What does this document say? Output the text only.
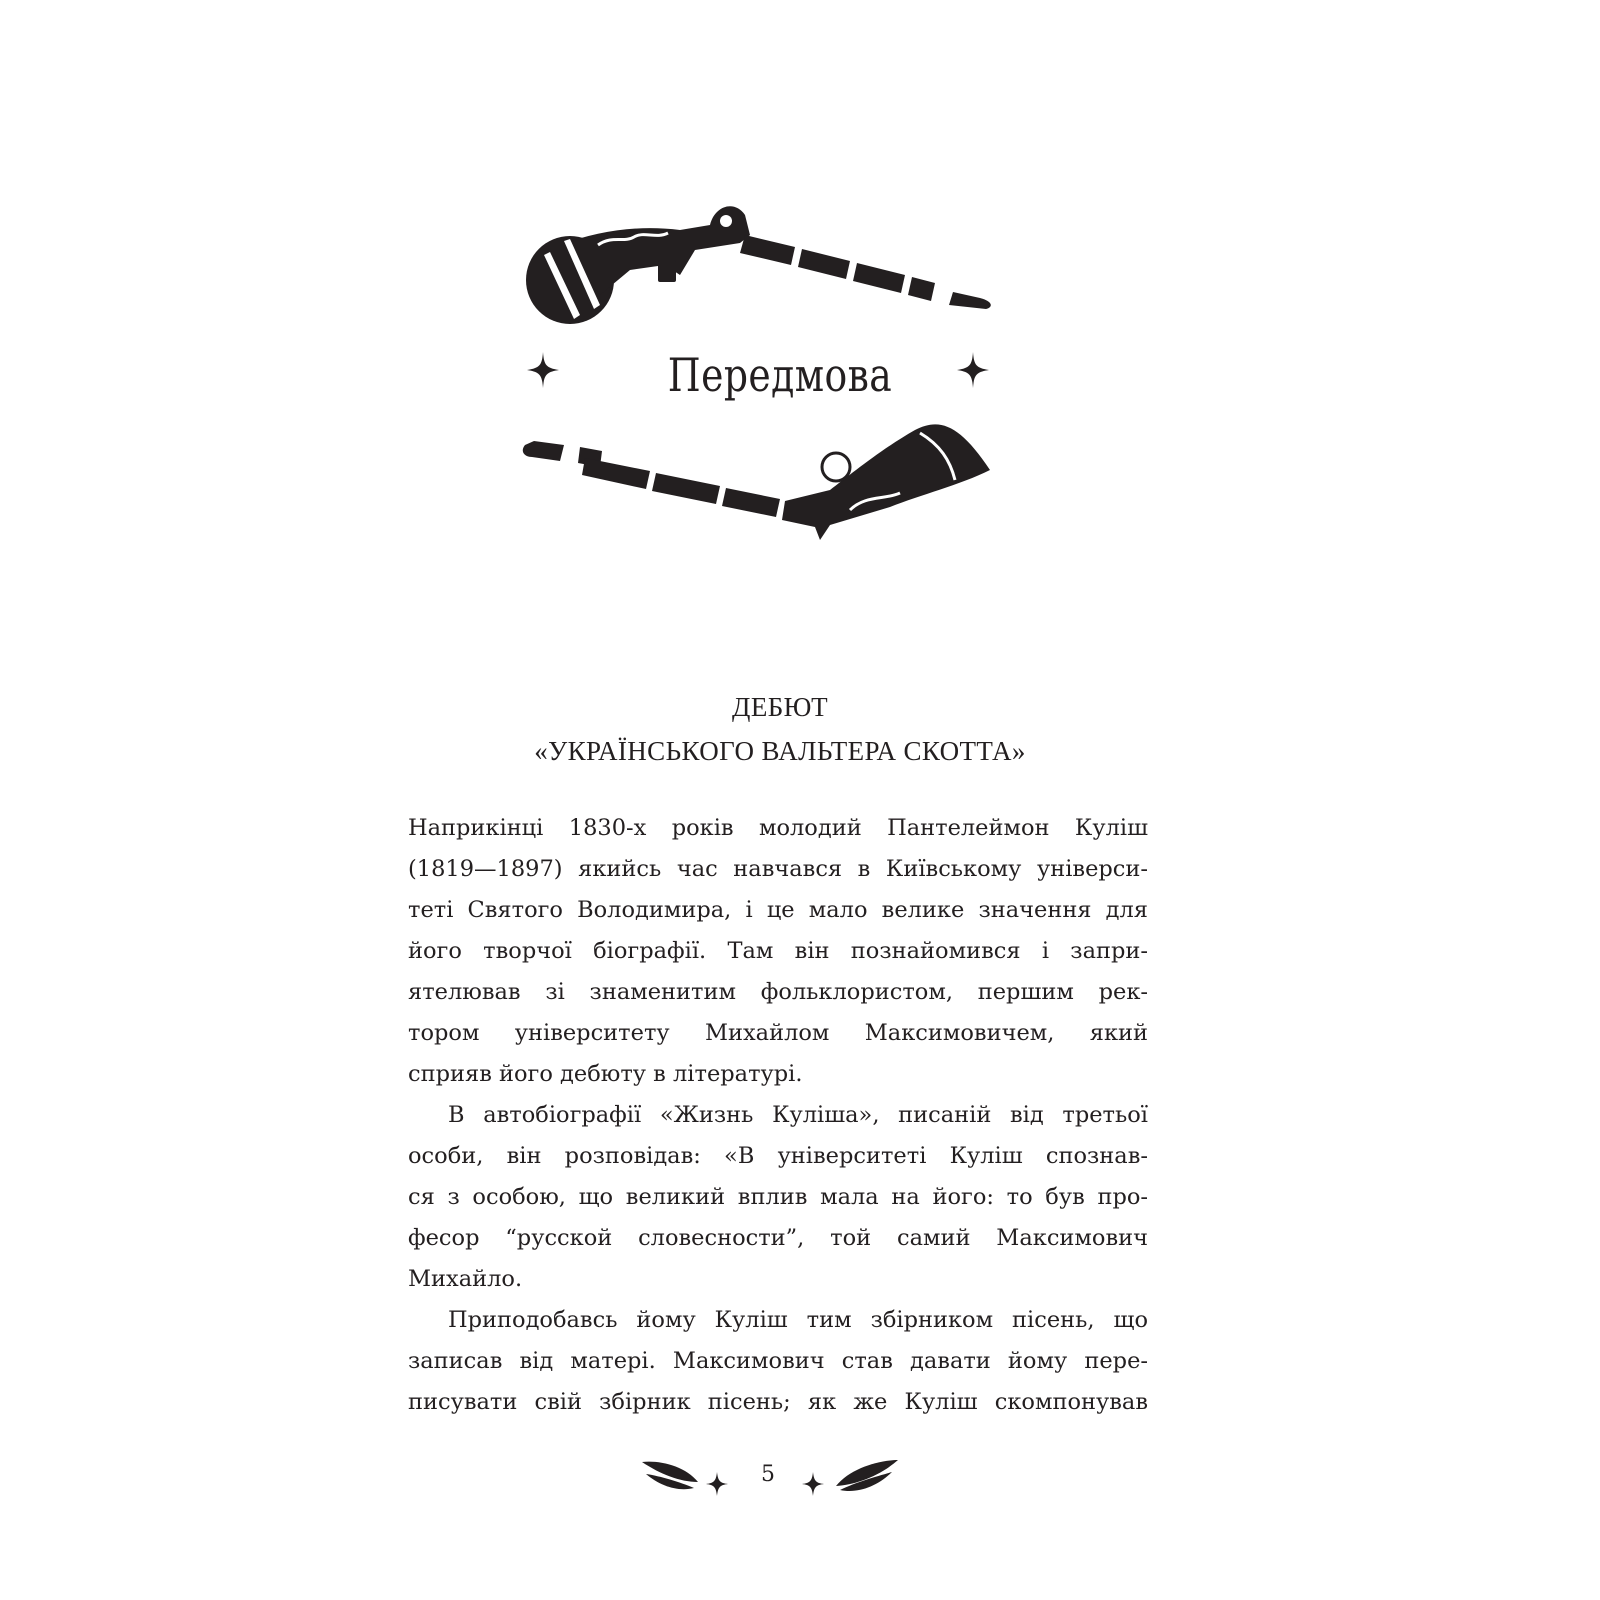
Передмова
ДЕБЮТ
«УКРАЇНСЬКОГО ВАЛЬТЕРА СКОТТА»

Наприкінці 1830-х років молодий Пантелеймон Куліш
(1819—1897) якийсь час навчався в Київському універси-
теті Святого Володимира, і це мало велике значення для
його творчої біографії. Там він познайомився і запри-
ятелював зі знаменитим фольклористом, першим рек-
тором університету Михайлом Максимовичем, який
сприяв його дебюту в літературі.

В автобіографії «Жизнь Куліша», писаній від третьої
особи, він розповідав: «В університеті Куліш спознав-
ся з особою, що великий вплив мала на його: то був про-
фесор “русской словесности”, той самий Максимович
Михайло.

Приподобавсь йому Куліш тим збірником пісень, що
записав від матері. Максимович став давати йому пере-
писувати свій збірник пісень; як же Куліш скомпонував

5
